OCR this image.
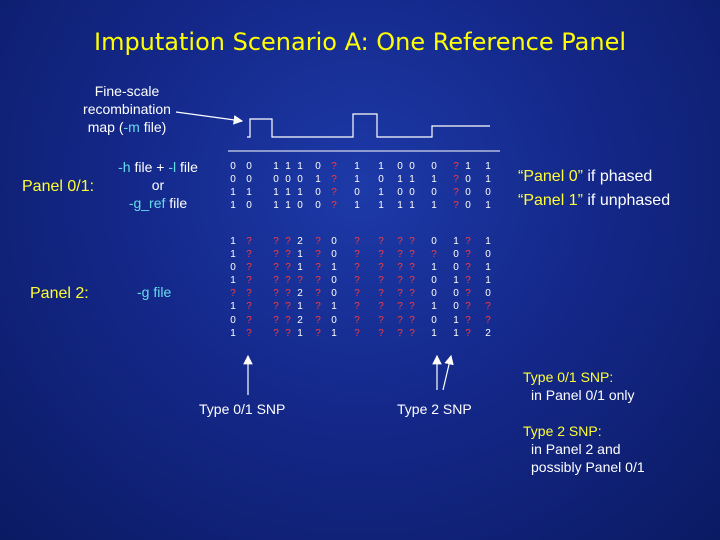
Imputation Scenario A: One Reference Panel
Fine-scale
recombination
map (-m file)
Panel 0/1:
-h file + -l file
or
-g_ref file
Panel 2:	-g file
0
0
1
1
0
0
1
0
1
0
1
1
1
0
1
1
1
0
1
0
0
1
0
0
?
?
?
?
1
1
0
1
1
0
1
1
0
1
0
1
0
1
0
1
0
1
0
1
?
?
?
?
1
0
0
0
1
1
0
1
1
1
0
1
?
1
0
1
?
?
?
?
?
?
?
?
?
?
?
?
?
?
?
?
?
?
?
?
?
?
?
?
2
1
1
?
2
1
2
1
?
?
?
?
?
?
?
?
0
0
1
0
0
1
0
1
?
?
?
?
?
?
?
?
?
?
?
?
?
?
?
?
?
?
?
?
?
?
?
?
?
?
?
?
?
?
?
?
0
?
1
0
0
1
0
1
1
0
0
1
0
0
1
1
?
?
?
?
?
?
?
?
1
0
1
1
0
?
?
2
“Panel 0” if phased
“Panel 1” if unphased
Type 0/1 SNP	Type 2 SNP
Type 0/1 SNP:
in Panel 0/1 only
Type 2 SNP:
in Panel 2 and
possibly Panel 0/1
